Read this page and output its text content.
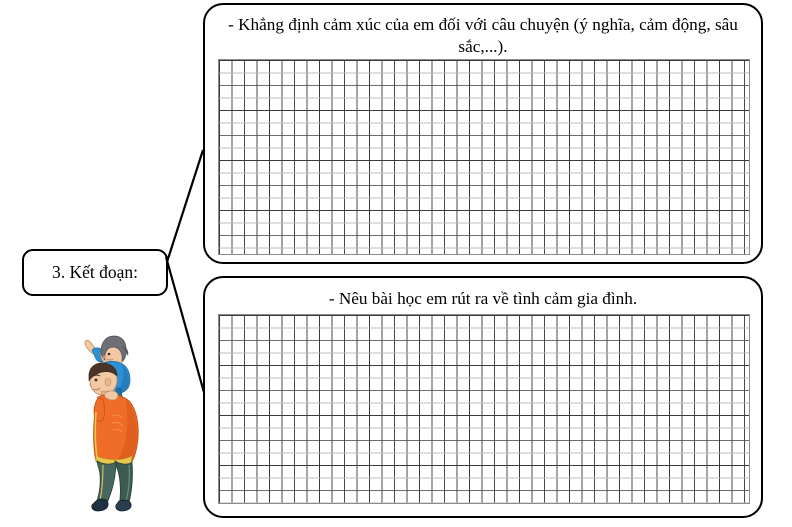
3. Kết đoạn:
- Khẳng định cảm xúc của em đối với câu chuyện (ý nghĩa, cảm động, sâu sắc,...).
- Nêu bài học em rút ra về tình cảm gia đình.
